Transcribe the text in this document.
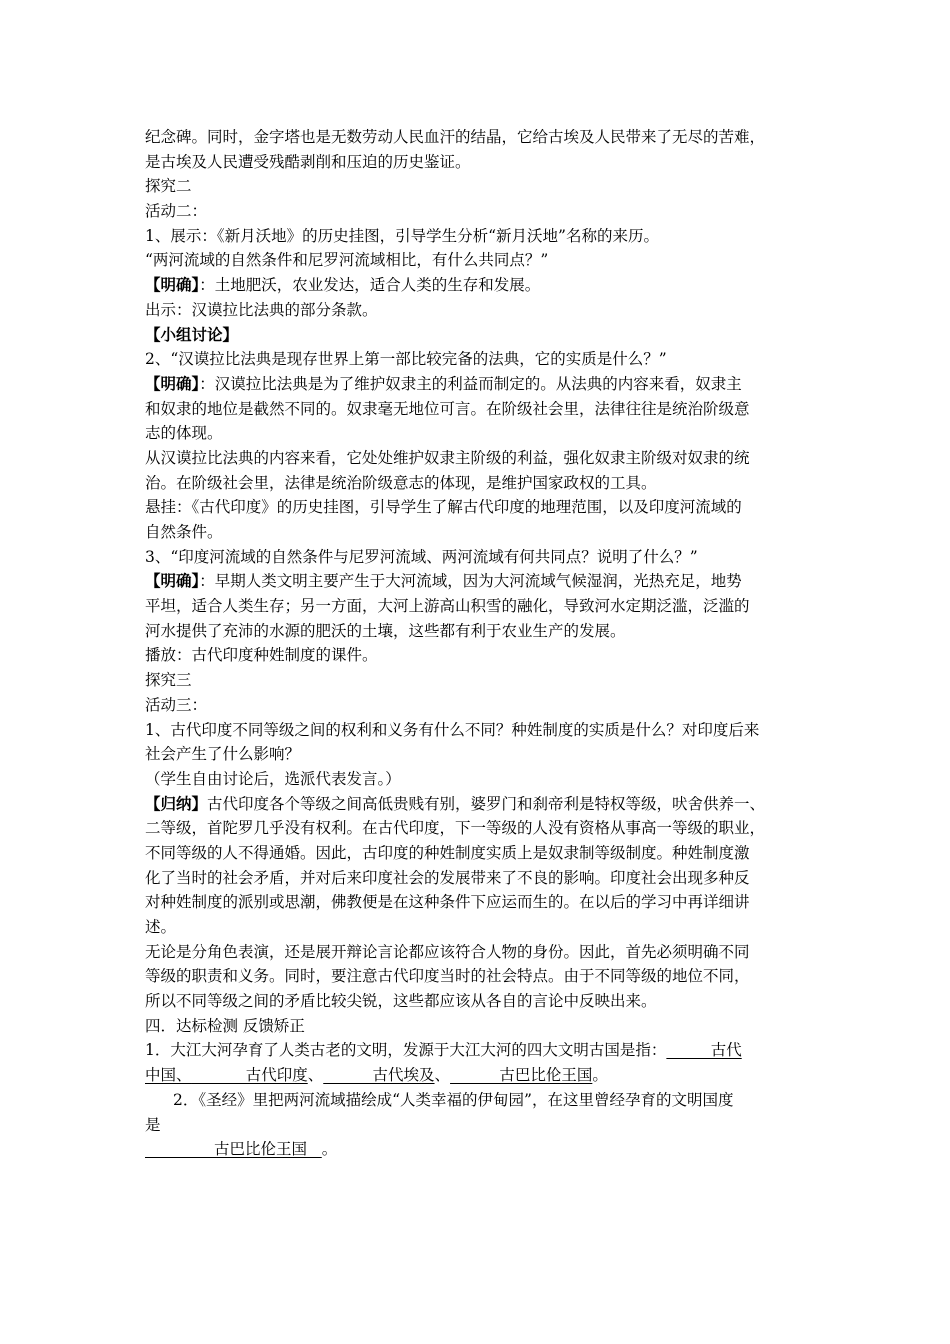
纪念碑。同时，金字塔也是无数劳动人民血汗的结晶，它给古埃及人民带来了无尽的苦难，
是古埃及人民遭受残酷剥削和压迫的历史鉴证。
探究二
活动二：
1、展示：《新月沃地》的历史挂图，引导学生分析“新月沃地”名称的来历。
“两河流域的自然条件和尼罗河流域相比，有什么共同点？”
【明确】：土地肥沃，农业发达，适合人类的生存和发展。
出示：汉谟拉比法典的部分条款。
【小组讨论】
2、“汉谟拉比法典是现存世界上第一部比较完备的法典，它的实质是什么？”
【明确】：汉谟拉比法典是为了维护奴隶主的利益而制定的。从法典的内容来看，奴隶主
和奴隶的地位是截然不同的。奴隶毫无地位可言。在阶级社会里，法律往往是统治阶级意
志的体现。
从汉谟拉比法典的内容来看，它处处维护奴隶主阶级的利益，强化奴隶主阶级对奴隶的统
治。在阶级社会里，法律是统治阶级意志的体现，是维护国家政权的工具。
悬挂：《古代印度》的历史挂图，引导学生了解古代印度的地理范围，以及印度河流域的
自然条件。
3、“印度河流域的自然条件与尼罗河流域、两河流域有何共同点？说明了什么？”
【明确】：早期人类文明主要产生于大河流域，因为大河流域气候湿润，光热充足，地势
平坦，适合人类生存；另一方面，大河上游高山积雪的融化，导致河水定期泛滥，泛滥的
河水提供了充沛的水源的肥沃的土壤，这些都有利于农业生产的发展。
播放：古代印度种姓制度的课件。
探究三
活动三：
1、古代印度不同等级之间的权利和义务有什么不同？种姓制度的实质是什么？对印度后来
社会产生了什么影响？
（学生自由讨论后，选派代表发言。）
【归纳】古代印度各个等级之间高低贵贱有别，婆罗门和刹帝利是特权等级，吠舍供养一、
二等级，首陀罗几乎没有权利。在古代印度，下一等级的人没有资格从事高一等级的职业，
不同等级的人不得通婚。因此，古印度的种姓制度实质上是奴隶制等级制度。种姓制度激
化了当时的社会矛盾，并对后来印度社会的发展带来了不良的影响。印度社会出现多种反
对种姓制度的派别或思潮，佛教便是在这种条件下应运而生的。在以后的学习中再详细讲
述。
无论是分角色表演，还是展开辩论言论都应该符合人物的身份。因此，首先必须明确不同
等级的职责和义务。同时，要注意古代印度当时的社会特点。由于不同等级的地位不同，
所以不同等级之间的矛盾比较尖锐，这些都应该从各自的言论中反映出来。
四．达标检测 反馈矫正
1．大江大河孕育了人类古老的文明，发源于大江大河的四大文明古国是指：         古代
中国、           古代印度、          古代埃及、          古巴比伦王国。
2．《圣经》里把两河流域描绘成“人类幸福的伊甸园”，在这里曾经孕育的文明国度
是
古巴比伦王国   。
